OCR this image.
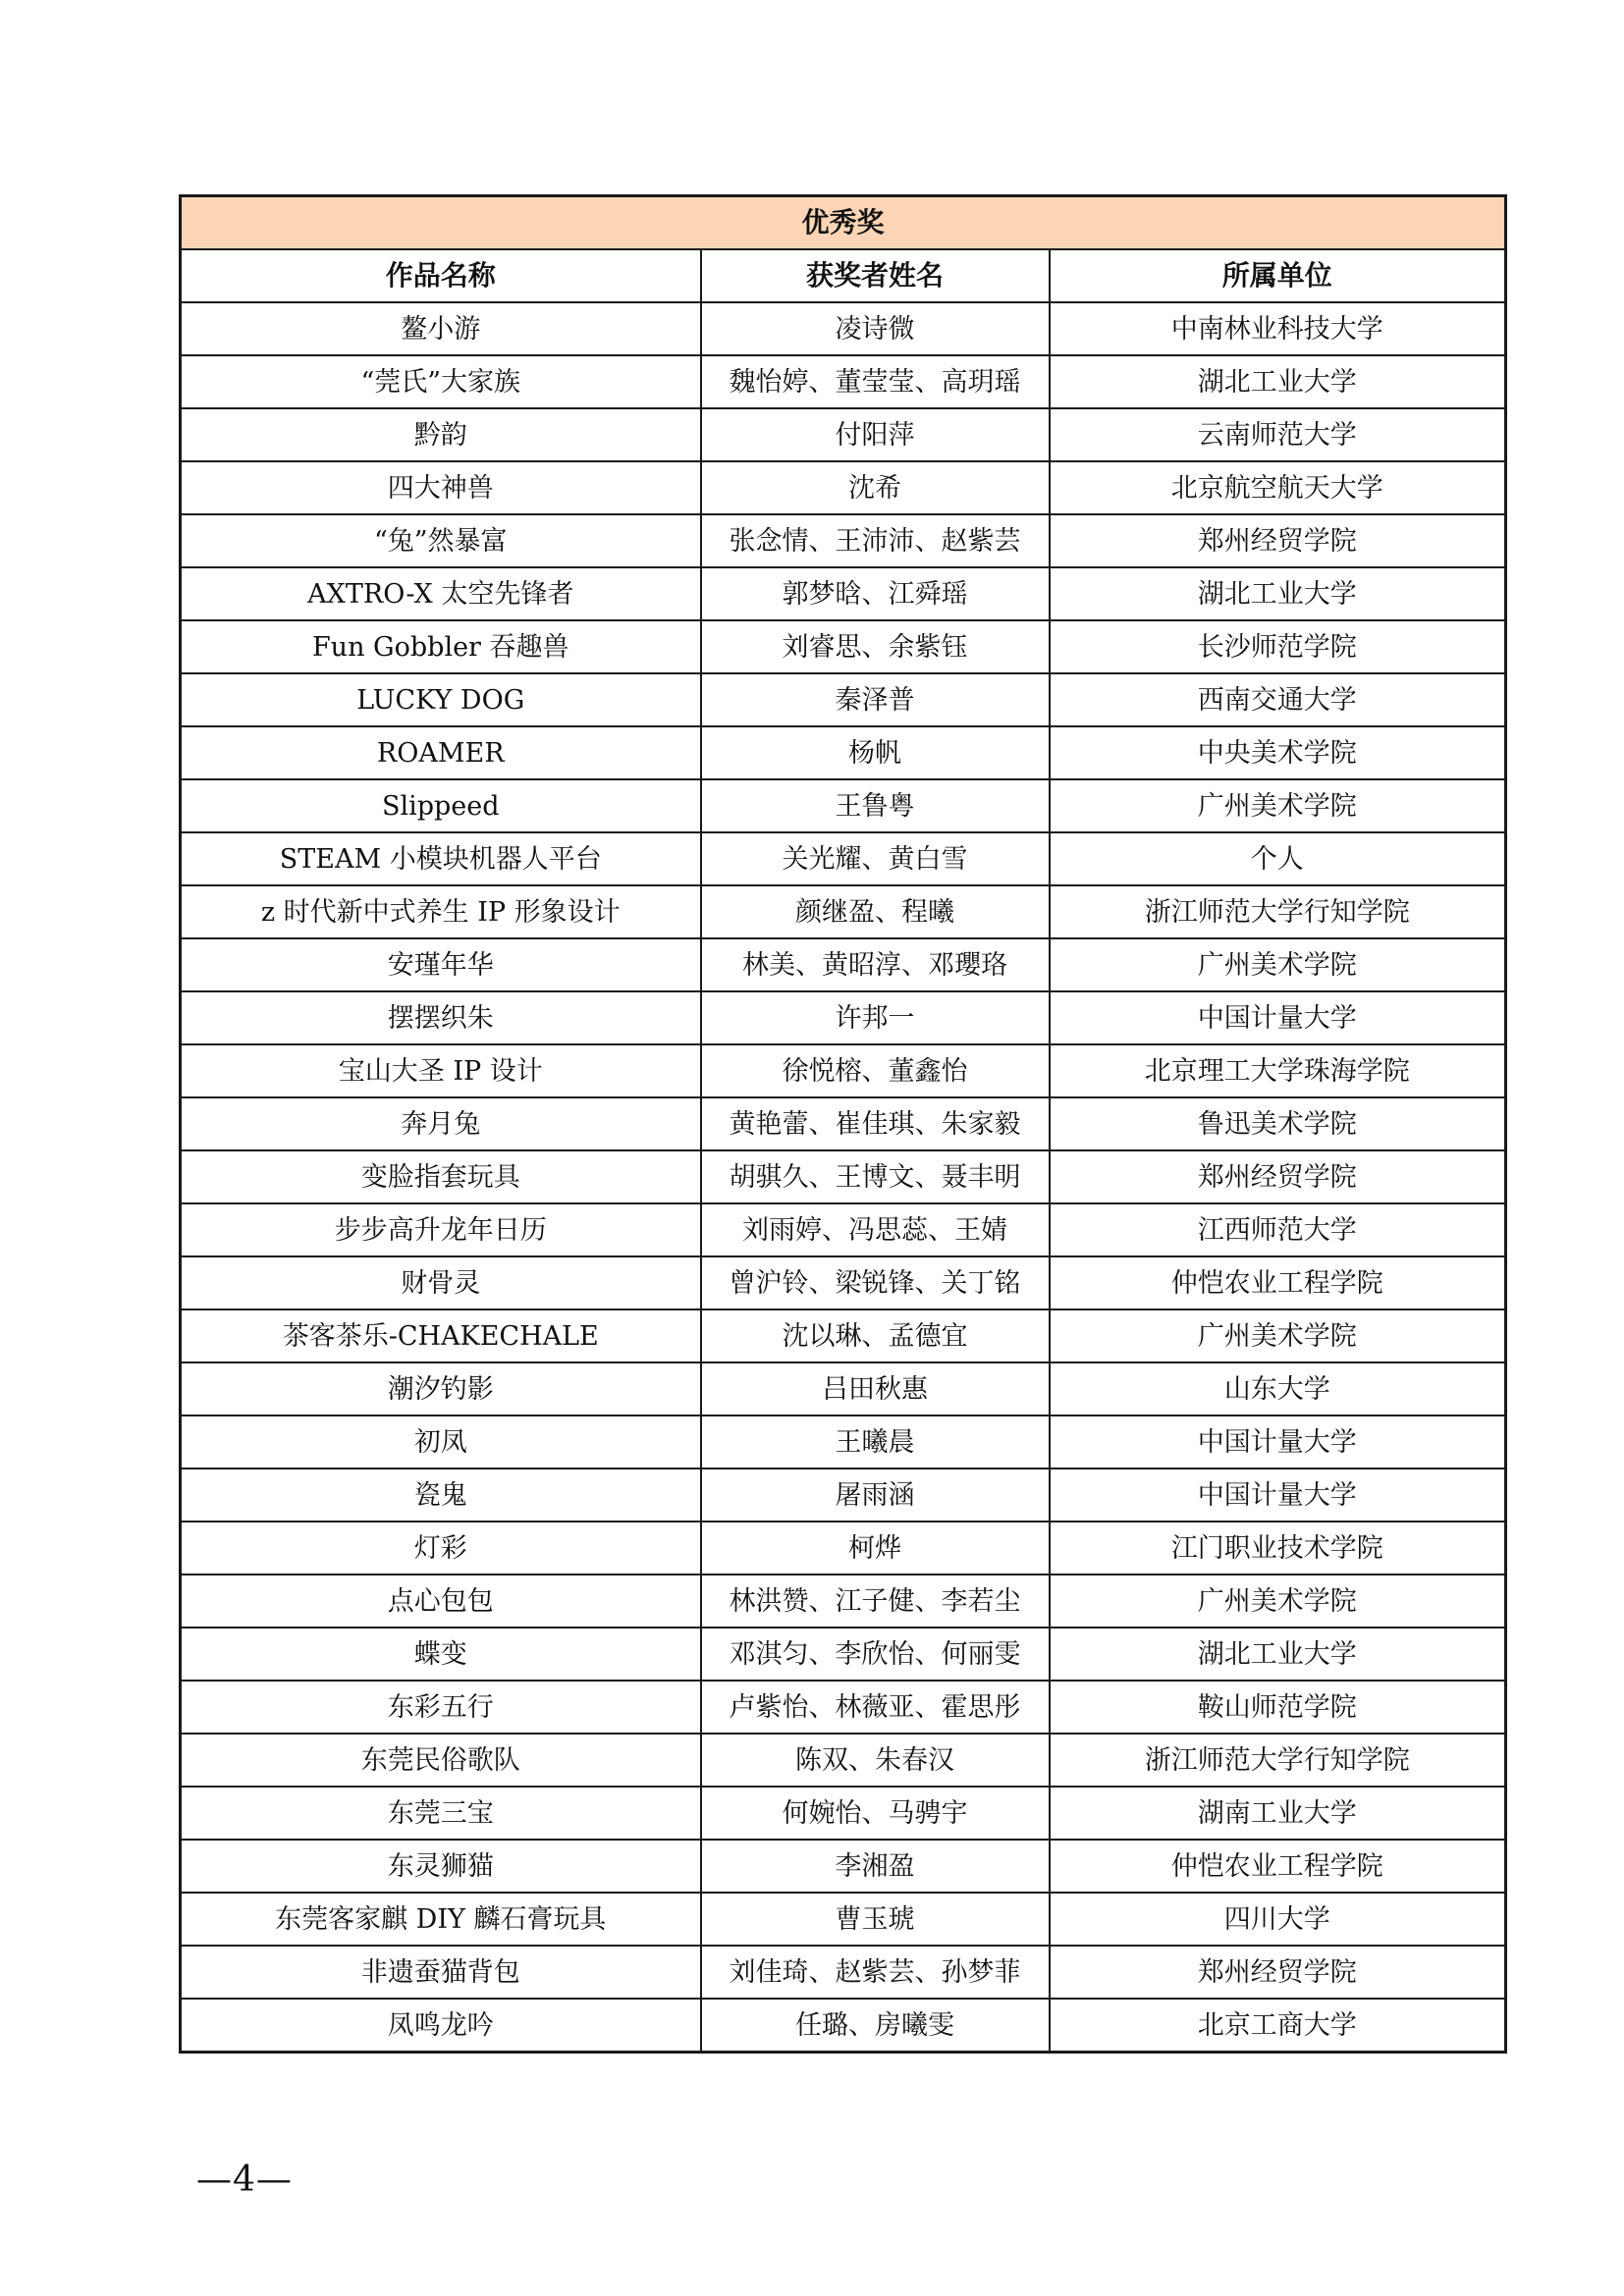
优秀奖		
作品名称	获奖者姓名	所属单位
鳌小游	凌诗微	中南林业科技大学
“莞氏”大家族	魏怡婷、董莹莹、高玥瑶	湖北工业大学
黔韵	付阳萍	云南师范大学
四大神兽	沈希	北京航空航天大学
“兔”然暴富	张念情、王沛沛、赵紫芸	郑州经贸学院
AXTRO-X 太空先锋者	郭梦晗、江舜瑶	湖北工业大学
Fun Gobbler 吞趣兽	刘睿思、余紫钰	长沙师范学院
LUCKY DOG	秦泽普	西南交通大学
ROAMER	杨帆	中央美术学院
Slippeed	王鲁粤	广州美术学院
STEAM 小模块机器人平台	关光耀、黄白雪	个人
z 时代新中式养生 IP 形象设计	颜继盈、程曦	浙江师范大学行知学院
安瑾年华	林美、黄昭淳、邓瓔珞	广州美术学院
摆摆织朱	许邦一	中国计量大学
宝山大圣 IP 设计	徐悦榕、董鑫怡	北京理工大学珠海学院
奔月兔	黄艳蕾、崔佳琪、朱家毅	鲁迅美术学院
变脸指套玩具	胡骐久、王博文、聂丰明	郑州经贸学院
步步高升龙年日历	刘雨婷、冯思蕊、王婧	江西师范大学
财骨灵	曾沪铃、梁锐锋、关丁铭	仲恺农业工程学院
茶客茶乐-CHAKECHALE	沈以琳、孟德宜	广州美术学院
潮汐钓影	吕田秋惠	山东大学
初凤	王曦晨	中国计量大学
瓷鬼	屠雨涵	中国计量大学
灯彩	柯烨	江门职业技术学院
点心包包	林洪赞、江子健、李若尘	广州美术学院
蝶变	邓淇匀、李欣怡、何丽雯	湖北工业大学
东彩五行	卢紫怡、林薇亚、霍思彤	鞍山师范学院
东莞民俗歌队	陈双、朱春汉	浙江师范大学行知学院
东莞三宝	何婉怡、马骋宇	湖南工业大学
东灵狮猫	李湘盈	仲恺农业工程学院
东莞客家麒 DIY 麟石膏玩具	曹玉琥	四川大学
非遗蚕猫背包	刘佳琦、赵紫芸、孙梦菲	郑州经贸学院
凤鸣龙吟	任璐、房曦雯	北京工商大学
—4—
